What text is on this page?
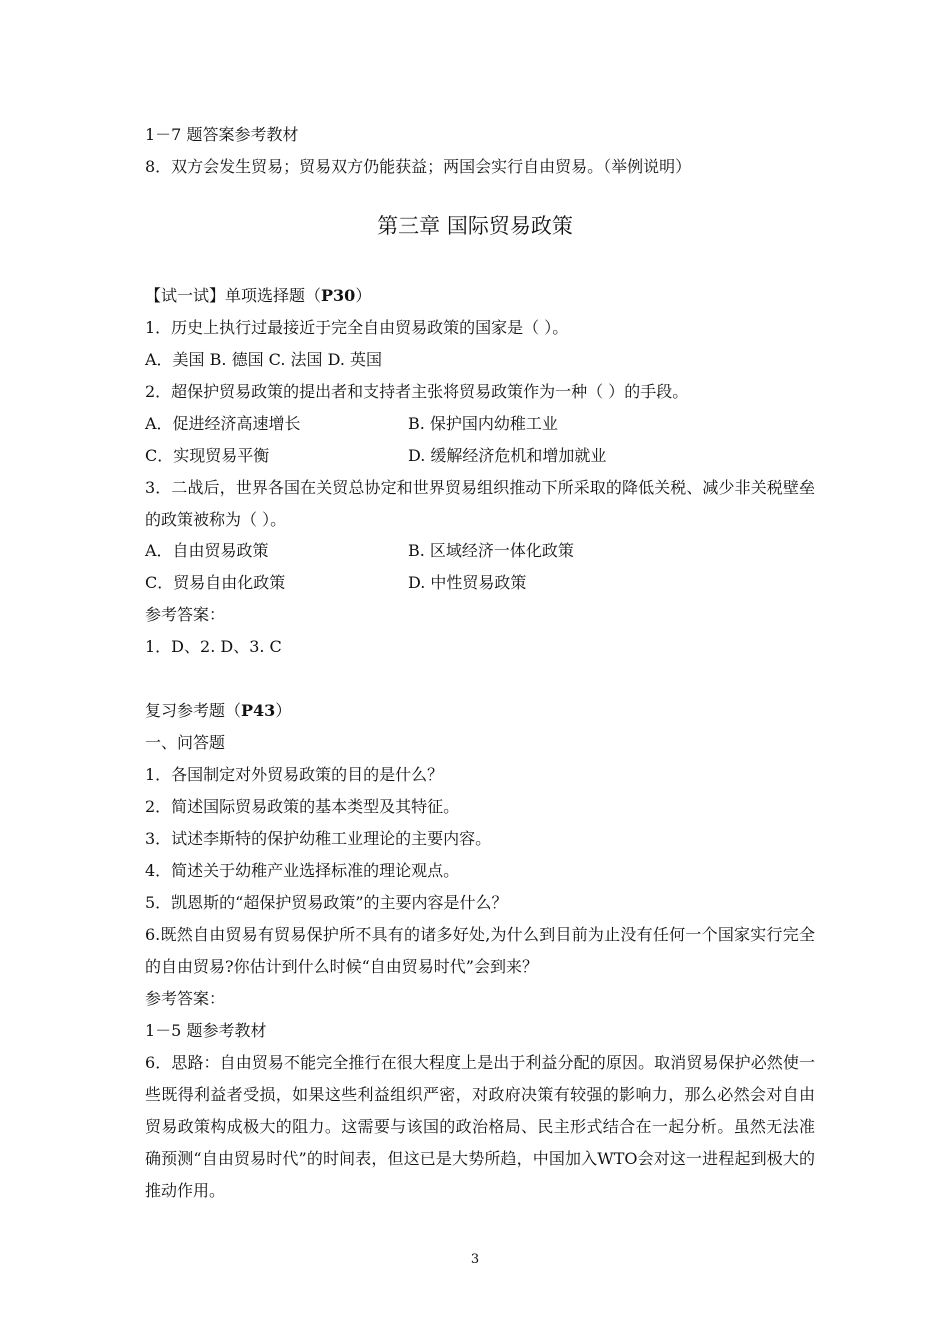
1－7 题答案参考教材
8．双方会发生贸易；贸易双方仍能获益；两国会实行自由贸易。（举例说明）
第三章 国际贸易政策
【试一试】单项选择题（P30）
1．历史上执行过最接近于完全自由贸易政策的国家是（ ）。
A．美国 B. 德国 C. 法国 D. 英国
2．超保护贸易政策的提出者和支持者主张将贸易政策作为一种（ ）的手段。
A．促进经济高速增长	B. 保护国内幼稚工业
C．实现贸易平衡	D. 缓解经济危机和增加就业
3．二战后，世界各国在关贸总协定和世界贸易组织推动下所采取的降低关税、减少非关税壁垒的政策被称为（ ）。
A．自由贸易政策	B. 区域经济一体化政策
C．贸易自由化政策	D. 中性贸易政策
参考答案：
1．D、2. D、3. C
复习参考题（P43）
一、问答题
1．各国制定对外贸易政策的目的是什么？
2．简述国际贸易政策的基本类型及其特征。
3．试述李斯特的保护幼稚工业理论的主要内容。
4．简述关于幼稚产业选择标准的理论观点。
5．凯恩斯的“超保护贸易政策”的主要内容是什么？
6.既然自由贸易有贸易保护所不具有的诸多好处,为什么到目前为止没有任何一个国家实行完全的自由贸易?你估计到什么时候“自由贸易时代”会到来？
参考答案：
1－5 题参考教材
6．思路：自由贸易不能完全推行在很大程度上是出于利益分配的原因。取消贸易保护必然使一些既得利益者受损，如果这些利益组织严密，对政府决策有较强的影响力，那么必然会对自由贸易政策构成极大的阻力。这需要与该国的政治格局、民主形式结合在一起分析。虽然无法准确预测“自由贸易时代”的时间表，但这已是大势所趋，中国加入WTO会对这一进程起到极大的推动作用。
3
